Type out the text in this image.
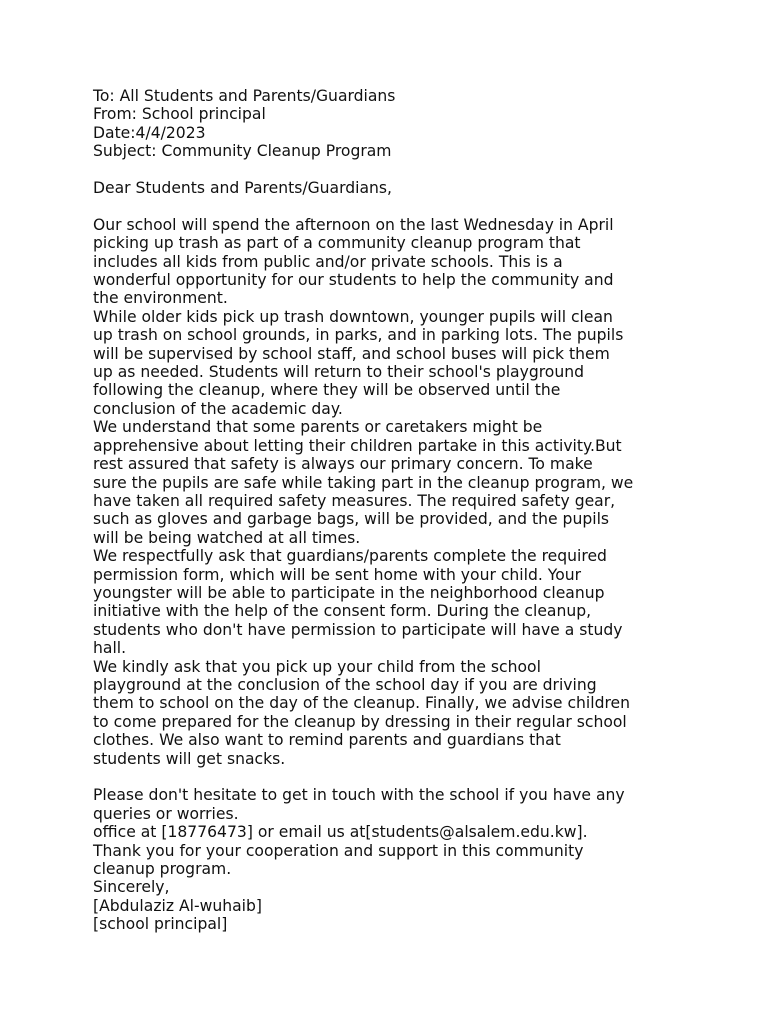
To: All Students and Parents/Guardians
From: School principal
Date:4/4/2023
Subject: Community Cleanup Program
Dear Students and Parents/Guardians,
Our school will spend the afternoon on the last Wednesday in April
picking up trash as part of a community cleanup program that
includes all kids from public and/or private schools. This is a
wonderful opportunity for our students to help the community and
the environment.
While older kids pick up trash downtown, younger pupils will clean
up trash on school grounds, in parks, and in parking lots. The pupils
will be supervised by school staff, and school buses will pick them
up as needed. Students will return to their school's playground
following the cleanup, where they will be observed until the
conclusion of the academic day.
We understand that some parents or caretakers might be
apprehensive about letting their children partake in this activity.But
rest assured that safety is always our primary concern. To make
sure the pupils are safe while taking part in the cleanup program, we
have taken all required safety measures. The required safety gear,
such as gloves and garbage bags, will be provided, and the pupils
will be being watched at all times.
We respectfully ask that guardians/parents complete the required
permission form, which will be sent home with your child. Your
youngster will be able to participate in the neighborhood cleanup
initiative with the help of the consent form. During the cleanup,
students who don't have permission to participate will have a study
hall.
We kindly ask that you pick up your child from the school
playground at the conclusion of the school day if you are driving
them to school on the day of the cleanup. Finally, we advise children
to come prepared for the cleanup by dressing in their regular school
clothes. We also want to remind parents and guardians that
students will get snacks.
Please don't hesitate to get in touch with the school if you have any
queries or worries.
office at [18776473] or email us at[students@alsalem.edu.kw].
Thank you for your cooperation and support in this community
cleanup program.
Sincerely,
[Abdulaziz Al-wuhaib]
[school principal]
